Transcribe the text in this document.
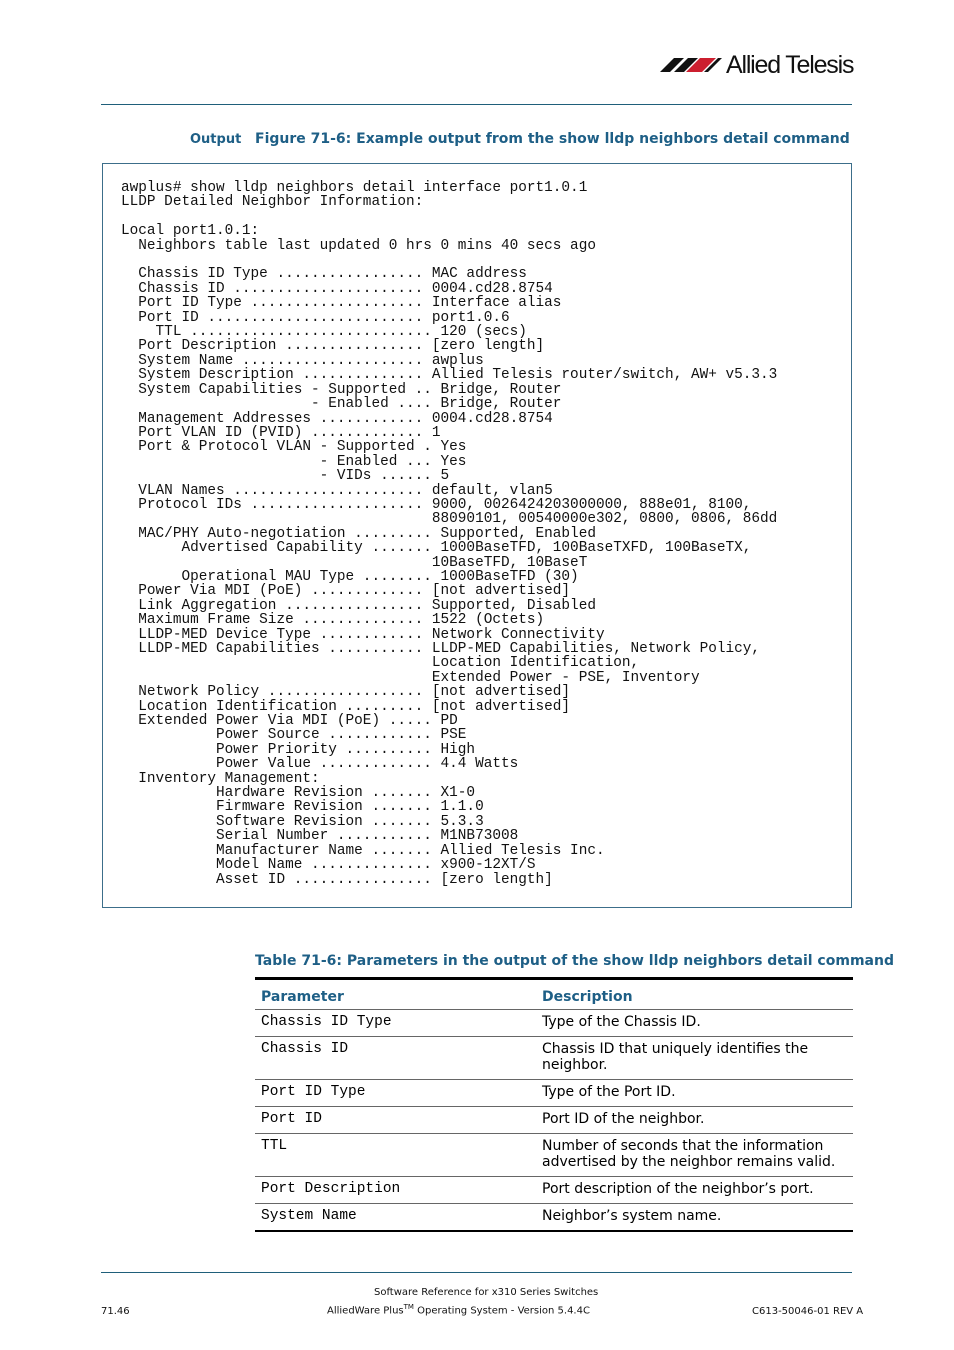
Allied Telesis
Output Figure 71-6: Example output from the show lldp neighbors detail command
awplus# show lldp neighbors detail interface port1.0.1
LLDP Detailed Neighbor Information:

Local port1.0.1:
Neighbors table last updated 0 hrs 0 mins 40 secs ago

Chassis ID Type ................. MAC address
Chassis ID ...................... 0004.cd28.8754
Port ID Type .................... Interface alias
Port ID ......................... port1.0.6
TTL ............................ 120 (secs)
Port Description ................ [zero length]
System Name ..................... awplus
System Description .............. Allied Telesis router/switch, AW+ v5.3.3
System Capabilities - Supported .. Bridge, Router
- Enabled .... Bridge, Router
Management Addresses ............ 0004.cd28.8754
Port VLAN ID (PVID) ............. 1
Port & Protocol VLAN - Supported . Yes
- Enabled ... Yes
- VIDs ...... 5
VLAN Names ...................... default, vlan5
Protocol IDs .................... 9000, 0026424203000000, 888e01, 8100,
88090101, 00540000e302, 0800, 0806, 86dd
MAC/PHY Auto-negotiation ......... Supported, Enabled
Advertised Capability ....... 1000BaseTFD, 100BaseTXFD, 100BaseTX,
10BaseTFD, 10BaseT
Operational MAU Type ........ 1000BaseTFD (30)
Power Via MDI (PoE) ............. [not advertised]
Link Aggregation ................ Supported, Disabled
Maximum Frame Size .............. 1522 (Octets)
LLDP-MED Device Type ............ Network Connectivity
LLDP-MED Capabilities ........... LLDP-MED Capabilities, Network Policy,
Location Identification,
Extended Power - PSE, Inventory
Network Policy .................. [not advertised]
Location Identification ......... [not advertised]
Extended Power Via MDI (PoE) ..... PD
Power Source ............ PSE
Power Priority .......... High
Power Value ............. 4.4 Watts
Inventory Management:
Hardware Revision ....... X1-0
Firmware Revision ....... 1.1.0
Software Revision ....... 5.3.3
Serial Number ........... M1NB73008
Manufacturer Name ....... Allied Telesis Inc.
Model Name .............. x900-12XT/S
Asset ID ................ [zero length]
Table 71-6: Parameters in the output of the show lldp neighbors detail command
Parameter	Description
Chassis ID Type	Type of the Chassis ID.
Chassis ID	Chassis ID that uniquely identifies the neighbor.
Port ID Type	Type of the Port ID.
Port ID	Port ID of the neighbor.
TTL	Number of seconds that the information advertised by the neighbor remains valid.
Port Description	Port description of the neighbor’s port.
System Name	Neighbor’s system name.
Software Reference for x310 Series Switches
71.46	AlliedWare Plus™ Operating System - Version 5.4.4C	C613-50046-01 REV A
